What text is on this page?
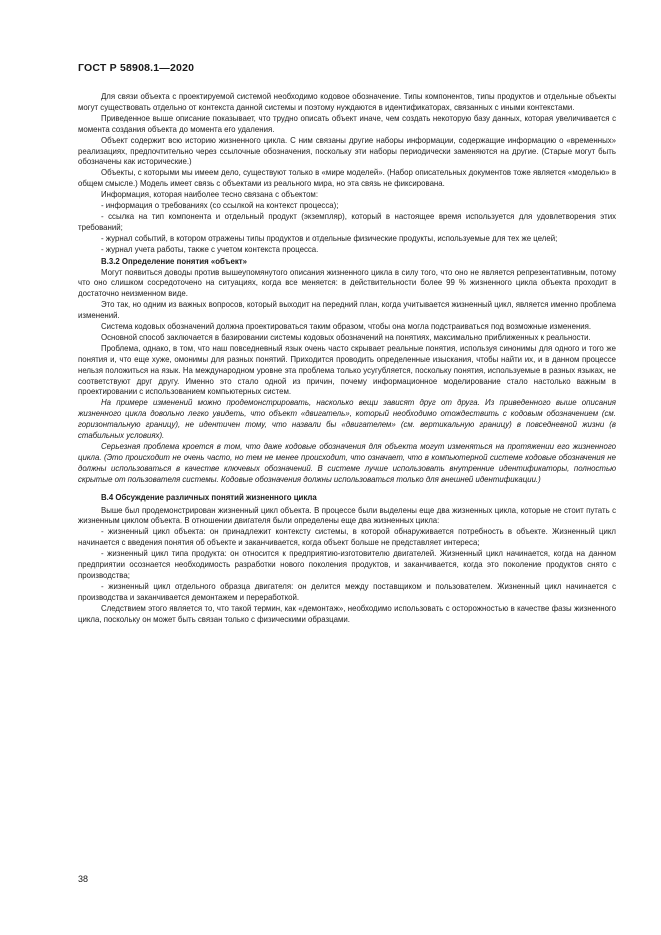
ГОСТ Р 58908.1—2020

Для связи объекта с проектируемой системой необходимо кодовое обозначение. Типы компонентов, типы продуктов и отдельные объекты могут существовать отдельно от контекста данной системы и поэтому нуждаются в идентификаторах, связанных с иными контекстами.

Приведенное выше описание показывает, что трудно описать объект иначе, чем создать некоторую базу данных, которая увеличивается с момента создания объекта до момента его удаления.

Объект содержит всю историю жизненного цикла. С ним связаны другие наборы информации, содержащие информацию о «временных» реализациях, предпочтительно через ссылочные обозначения, поскольку эти наборы периодически заменяются на другие. (Старые могут быть обозначены как исторические.)

Объекты, с которыми мы имеем дело, существуют только в «мире моделей». (Набор описательных документов тоже является «моделью» в общем смысле.) Модель имеет связь с объектами из реального мира, но эта связь не фиксирована.

Информация, которая наиболее тесно связана с объектом:

- информация о требованиях (со ссылкой на контекст процесса);

- ссылка на тип компонента и отдельный продукт (экземпляр), который в настоящее время используется для удовлетворения этих требований;

- журнал событий, в котором отражены типы продуктов и отдельные физические продукты, используемые для тех же целей;

- журнал учета работы, также с учетом контекста процесса.

B.3.2 Определение понятия «объект»

Могут появиться доводы против вышеупомянутого описания жизненного цикла в силу того, что оно не является репрезентативным, потому что оно слишком сосредоточено на ситуациях, когда все меняется: в действительности более 99 % жизненного цикла объекта проходит в достаточно неизменном виде.

Это так, но одним из важных вопросов, который выходит на передний план, когда учитывается жизненный цикл, является именно проблема изменений.

Система кодовых обозначений должна проектироваться таким образом, чтобы она могла подстраиваться под возможные изменения.

Основной способ заключается в базировании системы кодовых обозначений на понятиях, максимально приближенных к реальности.

Проблема, однако, в том, что наш повседневный язык очень часто скрывает реальные понятия, используя синонимы для одного и того же понятия и, что еще хуже, омонимы для разных понятий. Приходится проводить определенные изыскания, чтобы найти их, и в данном процессе нельзя положиться на язык. На международном уровне эта проблема только усугубляется, поскольку понятия, используемые в разных языках, не соответствуют друг другу. Именно это стало одной из причин, почему информационное моделирование стало настолько важным в проектировании с использованием компьютерных систем.

На примере изменений можно продемонстрировать, насколько вещи зависят друг от друга. Из приведенного выше описания жизненного цикла довольно легко увидеть, что объект «двигатель», который необходимо отождествить с кодовым обозначением (см. горизонтальную границу), не идентичен тому, что назвали бы «двигателем» (см. вертикальную границу) в повседневной жизни (в стабильных условиях).

Серьезная проблема кроется в том, что даже кодовые обозначения для объекта могут изменяться на протяжении его жизненного цикла. (Это происходит не очень часто, но тем не менее происходит, что означает, что в компьютерной системе кодовые обозначения не должны использоваться в качестве ключевых обозначений. В системе лучше использовать внутренние идентификаторы, полностью скрытые от пользователя системы. Кодовые обозначения должны использоваться только для внешней идентификации.)

B.4 Обсуждение различных понятий жизненного цикла

Выше был продемонстрирован жизненный цикл объекта. В процессе были выделены еще два жизненных цикла, которые не стоит путать с жизненным циклом объекта. В отношении двигателя были определены еще два жизненных цикла:

- жизненный цикл объекта: он принадлежит контексту системы, в которой обнаруживается потребность в объекте. Жизненный цикл начинается с введения понятия об объекте и заканчивается, когда объект больше не представляет интереса;

- жизненный цикл типа продукта: он относится к предприятию-изготовителю двигателей. Жизненный цикл начинается, когда на данном предприятии осознается необходимость разработки нового поколения продуктов, и заканчивается, когда это поколение продуктов снято с производства;

- жизненный цикл отдельного образца двигателя: он делится между поставщиком и пользователем. Жизненный цикл начинается с производства и заканчивается демонтажем и переработкой.

Следствием этого является то, что такой термин, как «демонтаж», необходимо использовать с осторожностью в качестве фазы жизненного цикла, поскольку он может быть связан только с физическими образцами.

38
